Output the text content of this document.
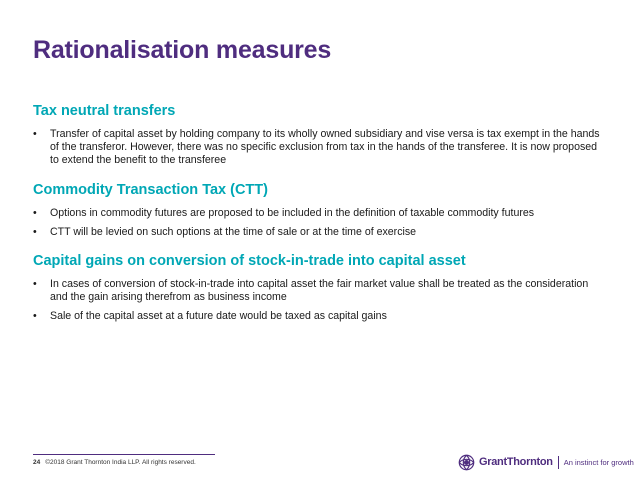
Rationalisation measures
Tax neutral transfers
• Transfer of capital asset by holding company to its wholly owned subsidiary and vise versa is tax exempt in the hands of the transferor. However, there was no specific exclusion from tax in the hands of the transferee. It is now proposed to extend the benefit to the transferee
Commodity Transaction Tax (CTT)
• Options in commodity futures are proposed to be included in the definition of taxable commodity futures
• CTT will be levied on such options at the time of sale or at the time of exercise
Capital gains on conversion of stock-in-trade into capital asset
• In cases of conversion of stock-in-trade into capital asset the fair market value shall be treated as the consideration and the gain arising therefrom as business income
• Sale of the capital asset at a future date would be taxed as capital gains
24 ©2018 Grant Thornton India LLP. All rights reserved.	GrantThornton An instinct for growth
